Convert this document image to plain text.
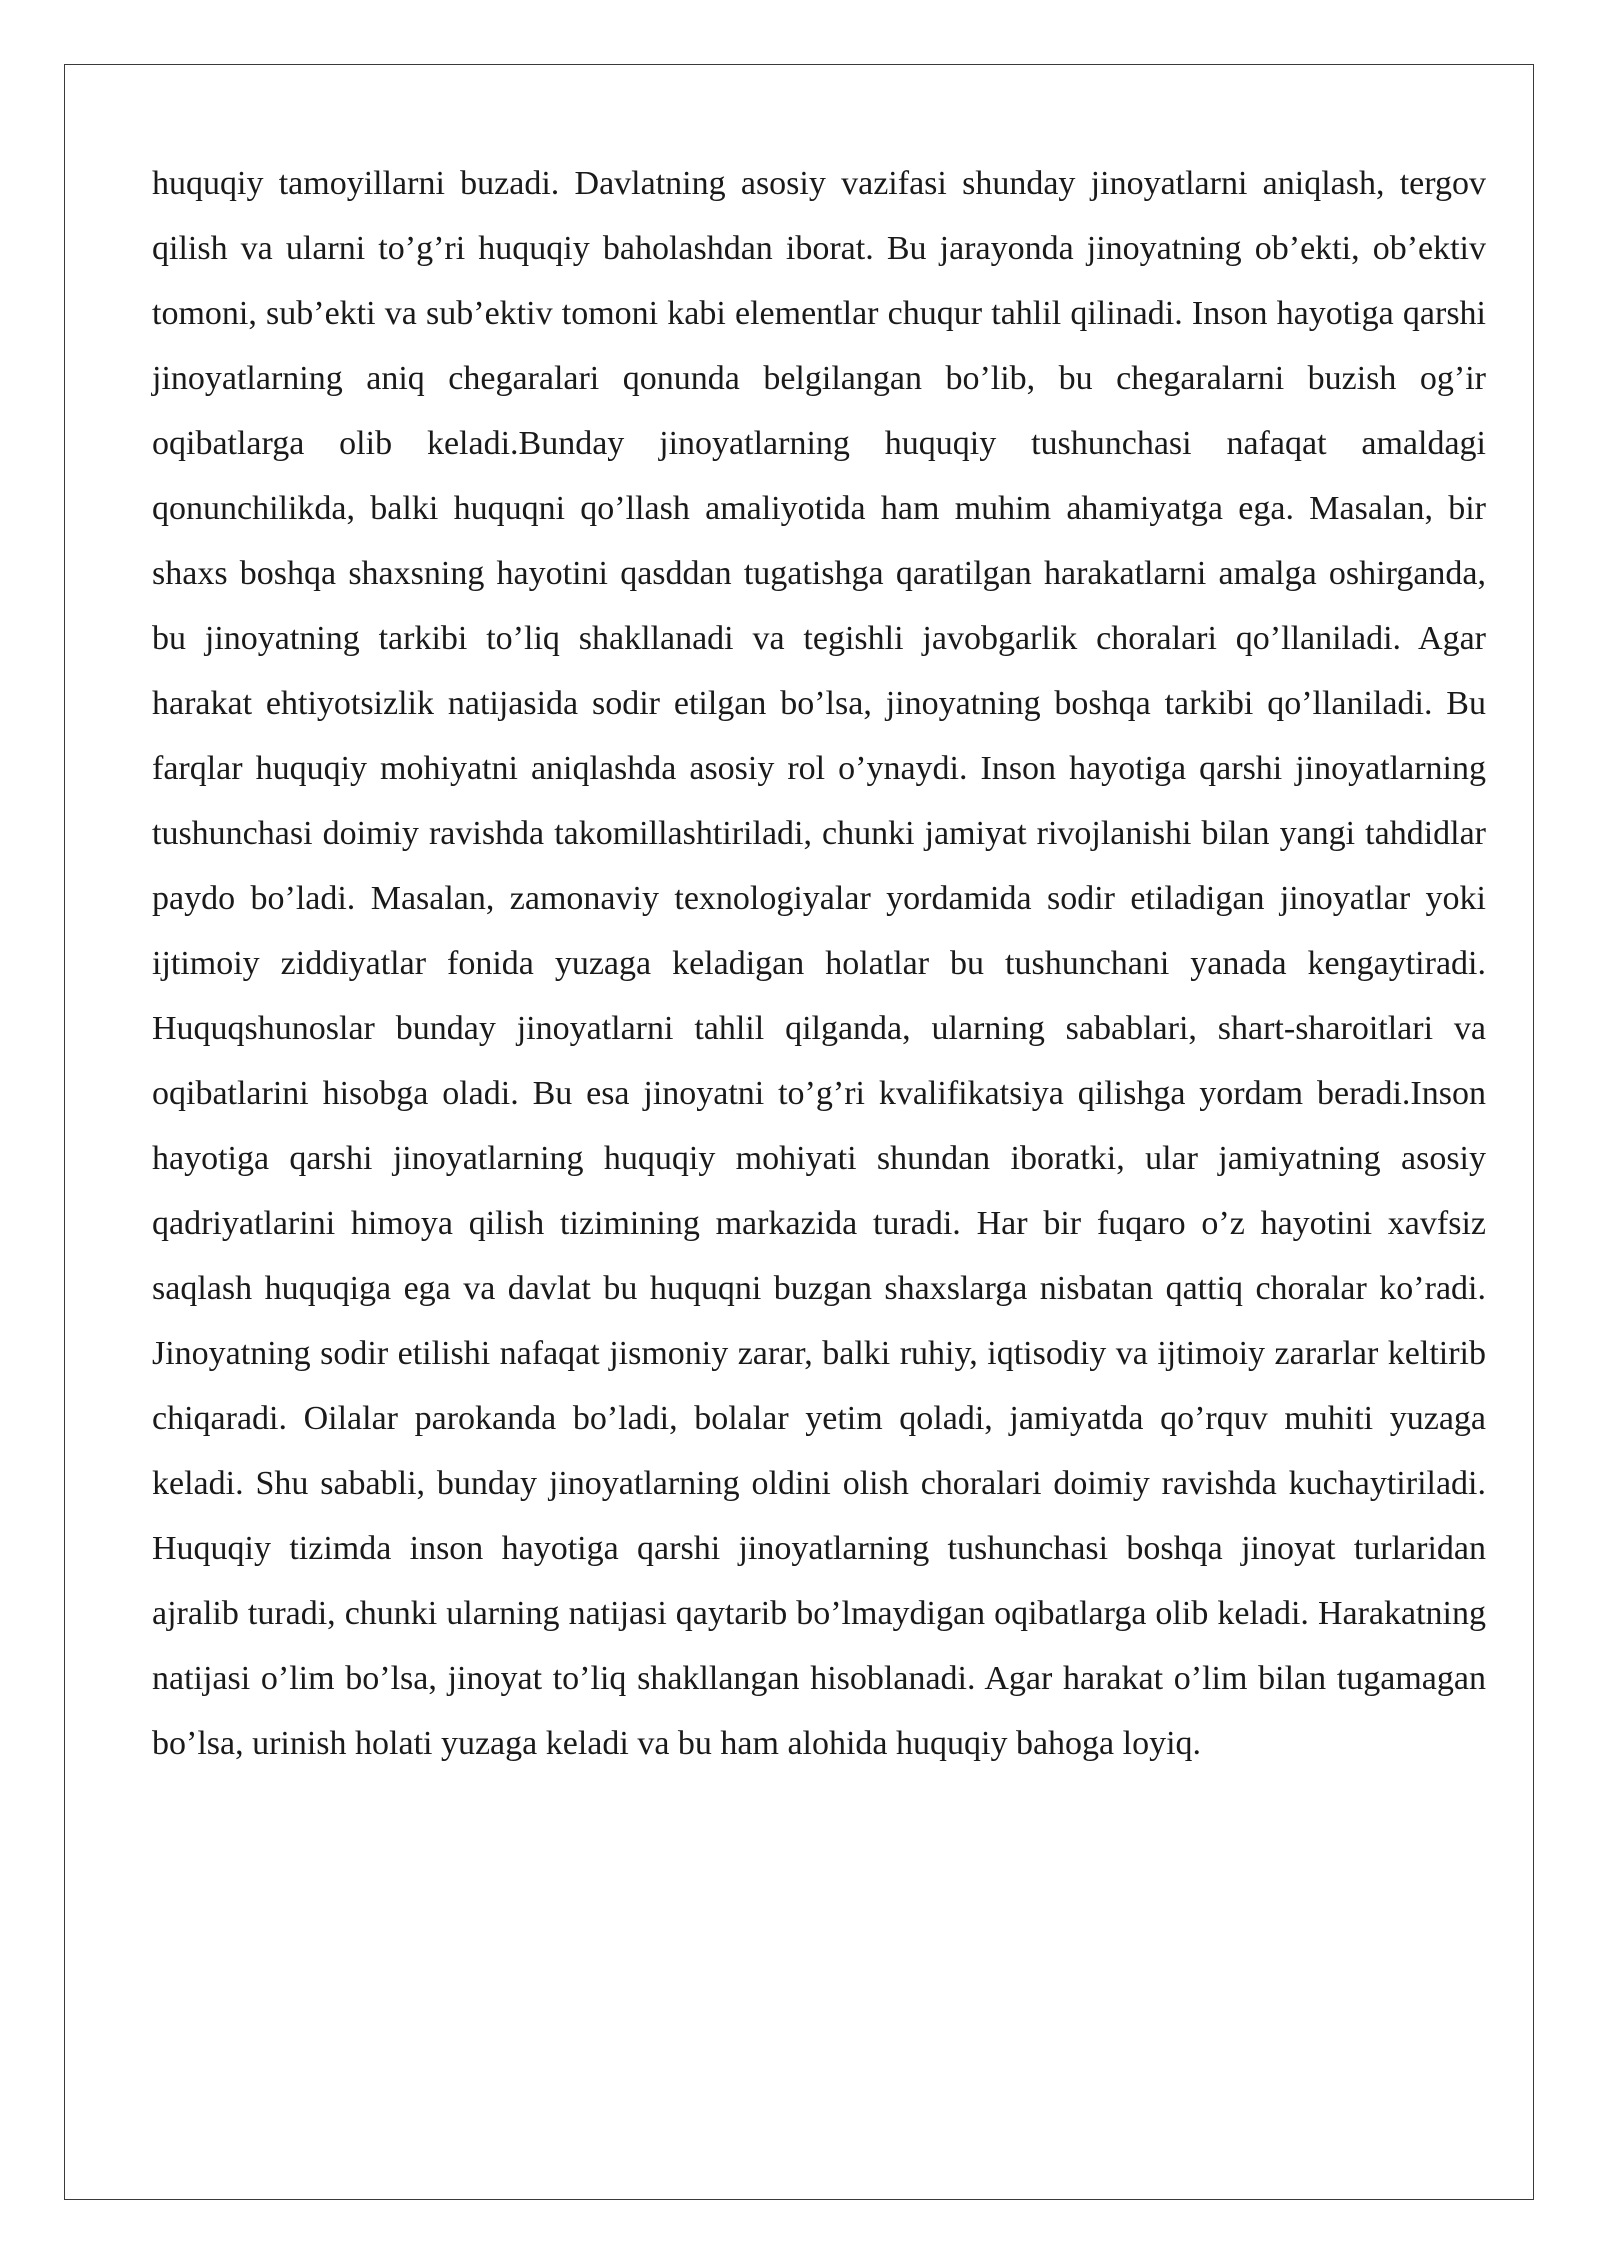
huquqiy tamoyillarni buzadi. Davlatning asosiy vazifasi shunday jinoyatlarni aniqlash, tergov qilish va ularni to’g’ri huquqiy baholashdan iborat. Bu jarayonda jinoyatning ob’ekti, ob’ektiv tomoni, sub’ekti va sub’ektiv tomoni kabi elementlar chuqur tahlil qilinadi. Inson hayotiga qarshi jinoyatlarning aniq chegaralari qonunda belgilangan bo’lib, bu chegaralarni buzish og’ir oqibatlarga olib keladi.Bunday jinoyatlarning huquqiy tushunchasi nafaqat amaldagi qonunchilikda, balki huquqni qo’llash amaliyotida ham muhim ahamiyatga ega. Masalan, bir shaxs boshqa shaxsning hayotini qasddan tugatishga qaratilgan harakatlarni amalga oshirganda, bu jinoyatning tarkibi to’liq shakllanadi va tegishli javobgarlik choralari qo’llaniladi. Agar harakat ehtiyotsizlik natijasida sodir etilgan bo’lsa, jinoyatning boshqa tarkibi qo’llaniladi. Bu farqlar huquqiy mohiyatni aniqlashda asosiy rol o’ynaydi. Inson hayotiga qarshi jinoyatlarning tushunchasi doimiy ravishda takomillashtiriladi, chunki jamiyat rivojlanishi bilan yangi tahdidlar paydo bo’ladi. Masalan, zamonaviy texnologiyalar yordamida sodir etiladigan jinoyatlar yoki ijtimoiy ziddiyatlar fonida yuzaga keladigan holatlar bu tushunchani yanada kengaytiradi. Huquqshunoslar bunday jinoyatlarni tahlil qilganda, ularning sabablari, shart-sharoitlari va oqibatlarini hisobga oladi. Bu esa jinoyatni to’g’ri kvalifikatsiya qilishga yordam beradi.Inson hayotiga qarshi jinoyatlarning huquqiy mohiyati shundan iboratki, ular jamiyatning asosiy qadriyatlarini himoya qilish tizimining markazida turadi. Har bir fuqaro o’z hayotini xavfsiz saqlash huquqiga ega va davlat bu huquqni buzgan shaxslarga nisbatan qattiq choralar ko’radi. Jinoyatning sodir etilishi nafaqat jismoniy zarar, balki ruhiy, iqtisodiy va ijtimoiy zararlar keltirib chiqaradi. Oilalar parokanda bo’ladi, bolalar yetim qoladi, jamiyatda qo’rquv muhiti yuzaga keladi. Shu sababli, bunday jinoyatlarning oldini olish choralari doimiy ravishda kuchaytiriladi. Huquqiy tizimda inson hayotiga qarshi jinoyatlarning tushunchasi boshqa jinoyat turlaridan ajralib turadi, chunki ularning natijasi qaytarib bo’lmaydigan oqibatlarga olib keladi. Harakatning natijasi o’lim bo’lsa, jinoyat to’liq shakllangan hisoblanadi. Agar harakat o’lim bilan tugamagan bo’lsa, urinish holati yuzaga keladi va bu ham alohida huquqiy bahoga loyiq.
